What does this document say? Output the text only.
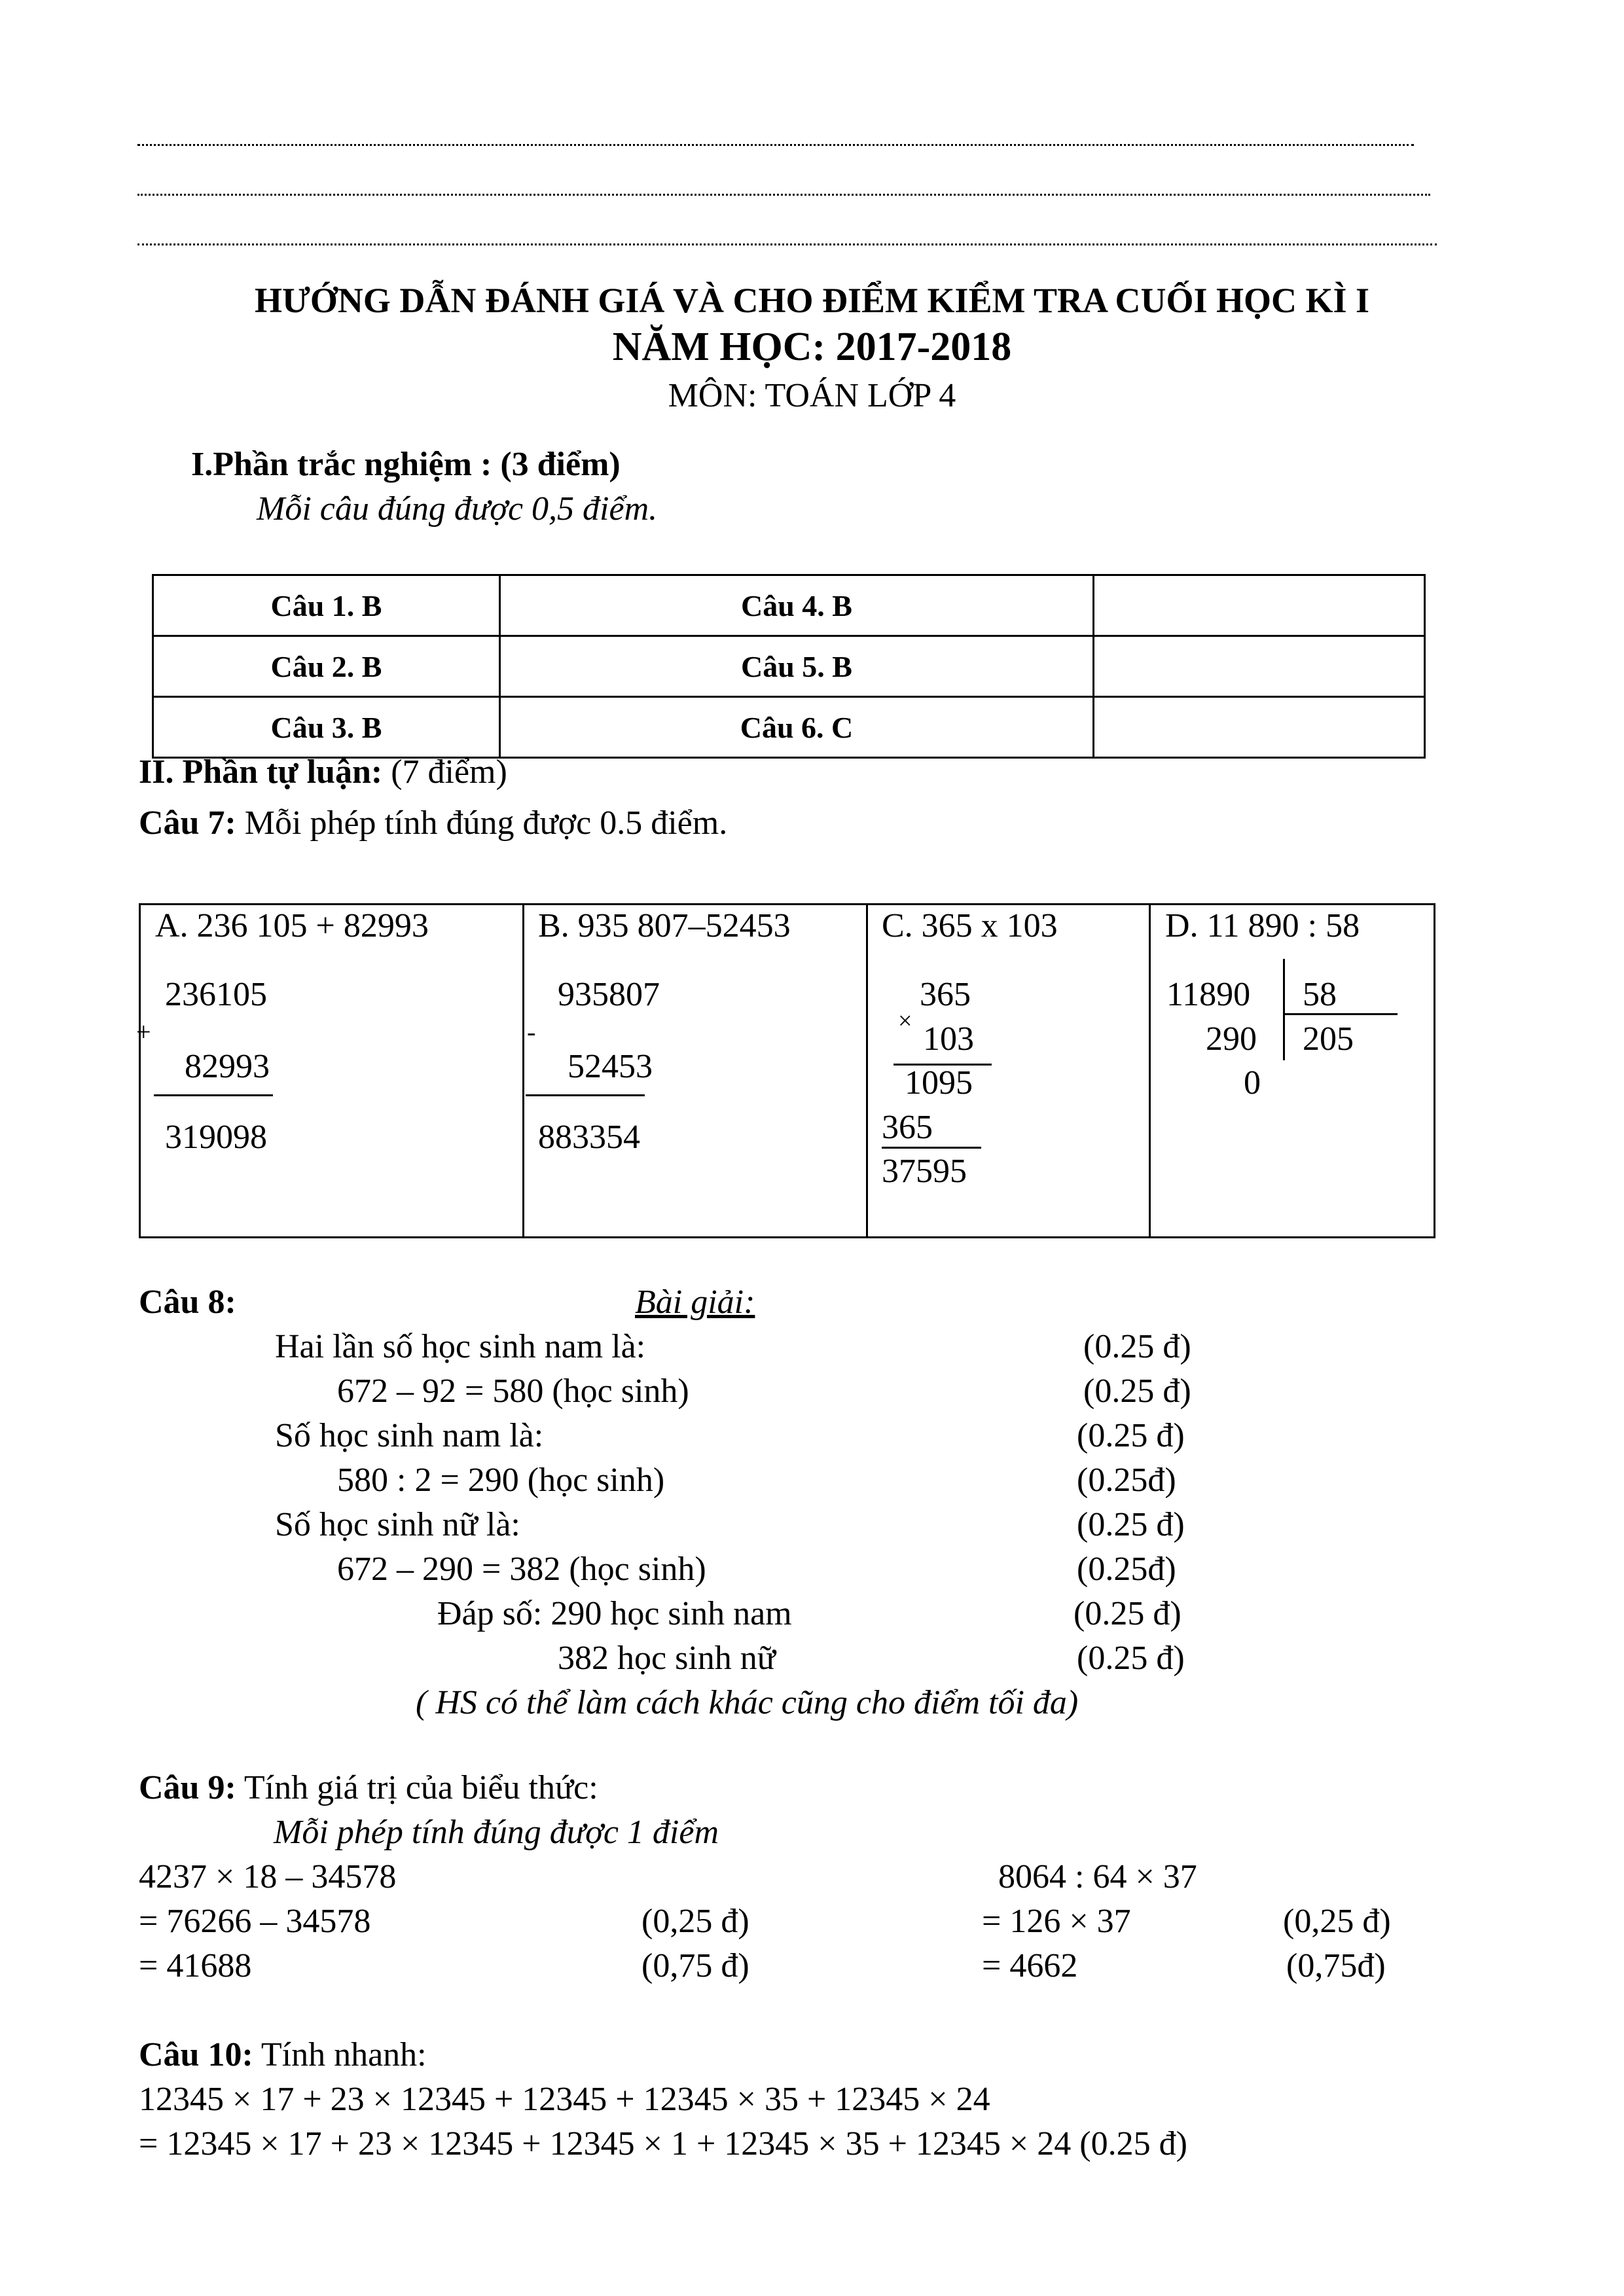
HƯỚNG DẪN ĐÁNH GIÁ VÀ CHO ĐIỂM KIỂM TRA CUỐI HỌC KÌ I
NĂM HỌC: 2017-2018
MÔN: TOÁN LỚP 4
I.Phần trắc nghiệm : (3 điểm)
Mỗi câu đúng được 0,5 điểm.
Câu 1. B	Câu 4. B	
Câu 2. B	Câu 5. B	
Câu 3. B	Câu 6. C	
II. Phần tự luận: (7 điểm)
Câu 7: Mỗi phép tính đúng được 0.5 điểm.
A. 236 105 + 82993
236105
+
82993
319098
B. 935 807–52453
935807
-
52453
883354
C. 365 x 103
365
× 103
1095
365
37595
D. 11 890 : 58
11890 58
290 205
0
Câu 8:	Bài giải:
Hai lần số học sinh nam là:	(0.25 đ)
672 – 92 = 580 (học sinh)	(0.25 đ)
Số học sinh nam là:	(0.25 đ)
580 : 2 = 290 (học sinh)	(0.25đ)
Số học sinh nữ là:	(0.25 đ)
672 – 290 = 382 (học sinh)	(0.25đ)
Đáp số: 290 học sinh nam	(0.25 đ)
382 học sinh nữ	(0.25 đ)
( HS có thể làm cách khác cũng cho điểm tối đa)
Câu 9: Tính giá trị của biểu thức:
Mỗi phép tính đúng được 1 điểm
4237 × 18 – 34578
= 76266 – 34578	(0,25 đ)
= 41688	(0,75 đ)
8064 : 64 × 37
= 126 × 37	(0,25 đ)
= 4662	(0,75đ)
Câu 10: Tính nhanh:
12345 × 17 + 23 × 12345 + 12345 + 12345 × 35 + 12345 × 24
= 12345 × 17 + 23 × 12345 + 12345 × 1 + 12345 × 35 + 12345 × 24 (0.25 đ)
